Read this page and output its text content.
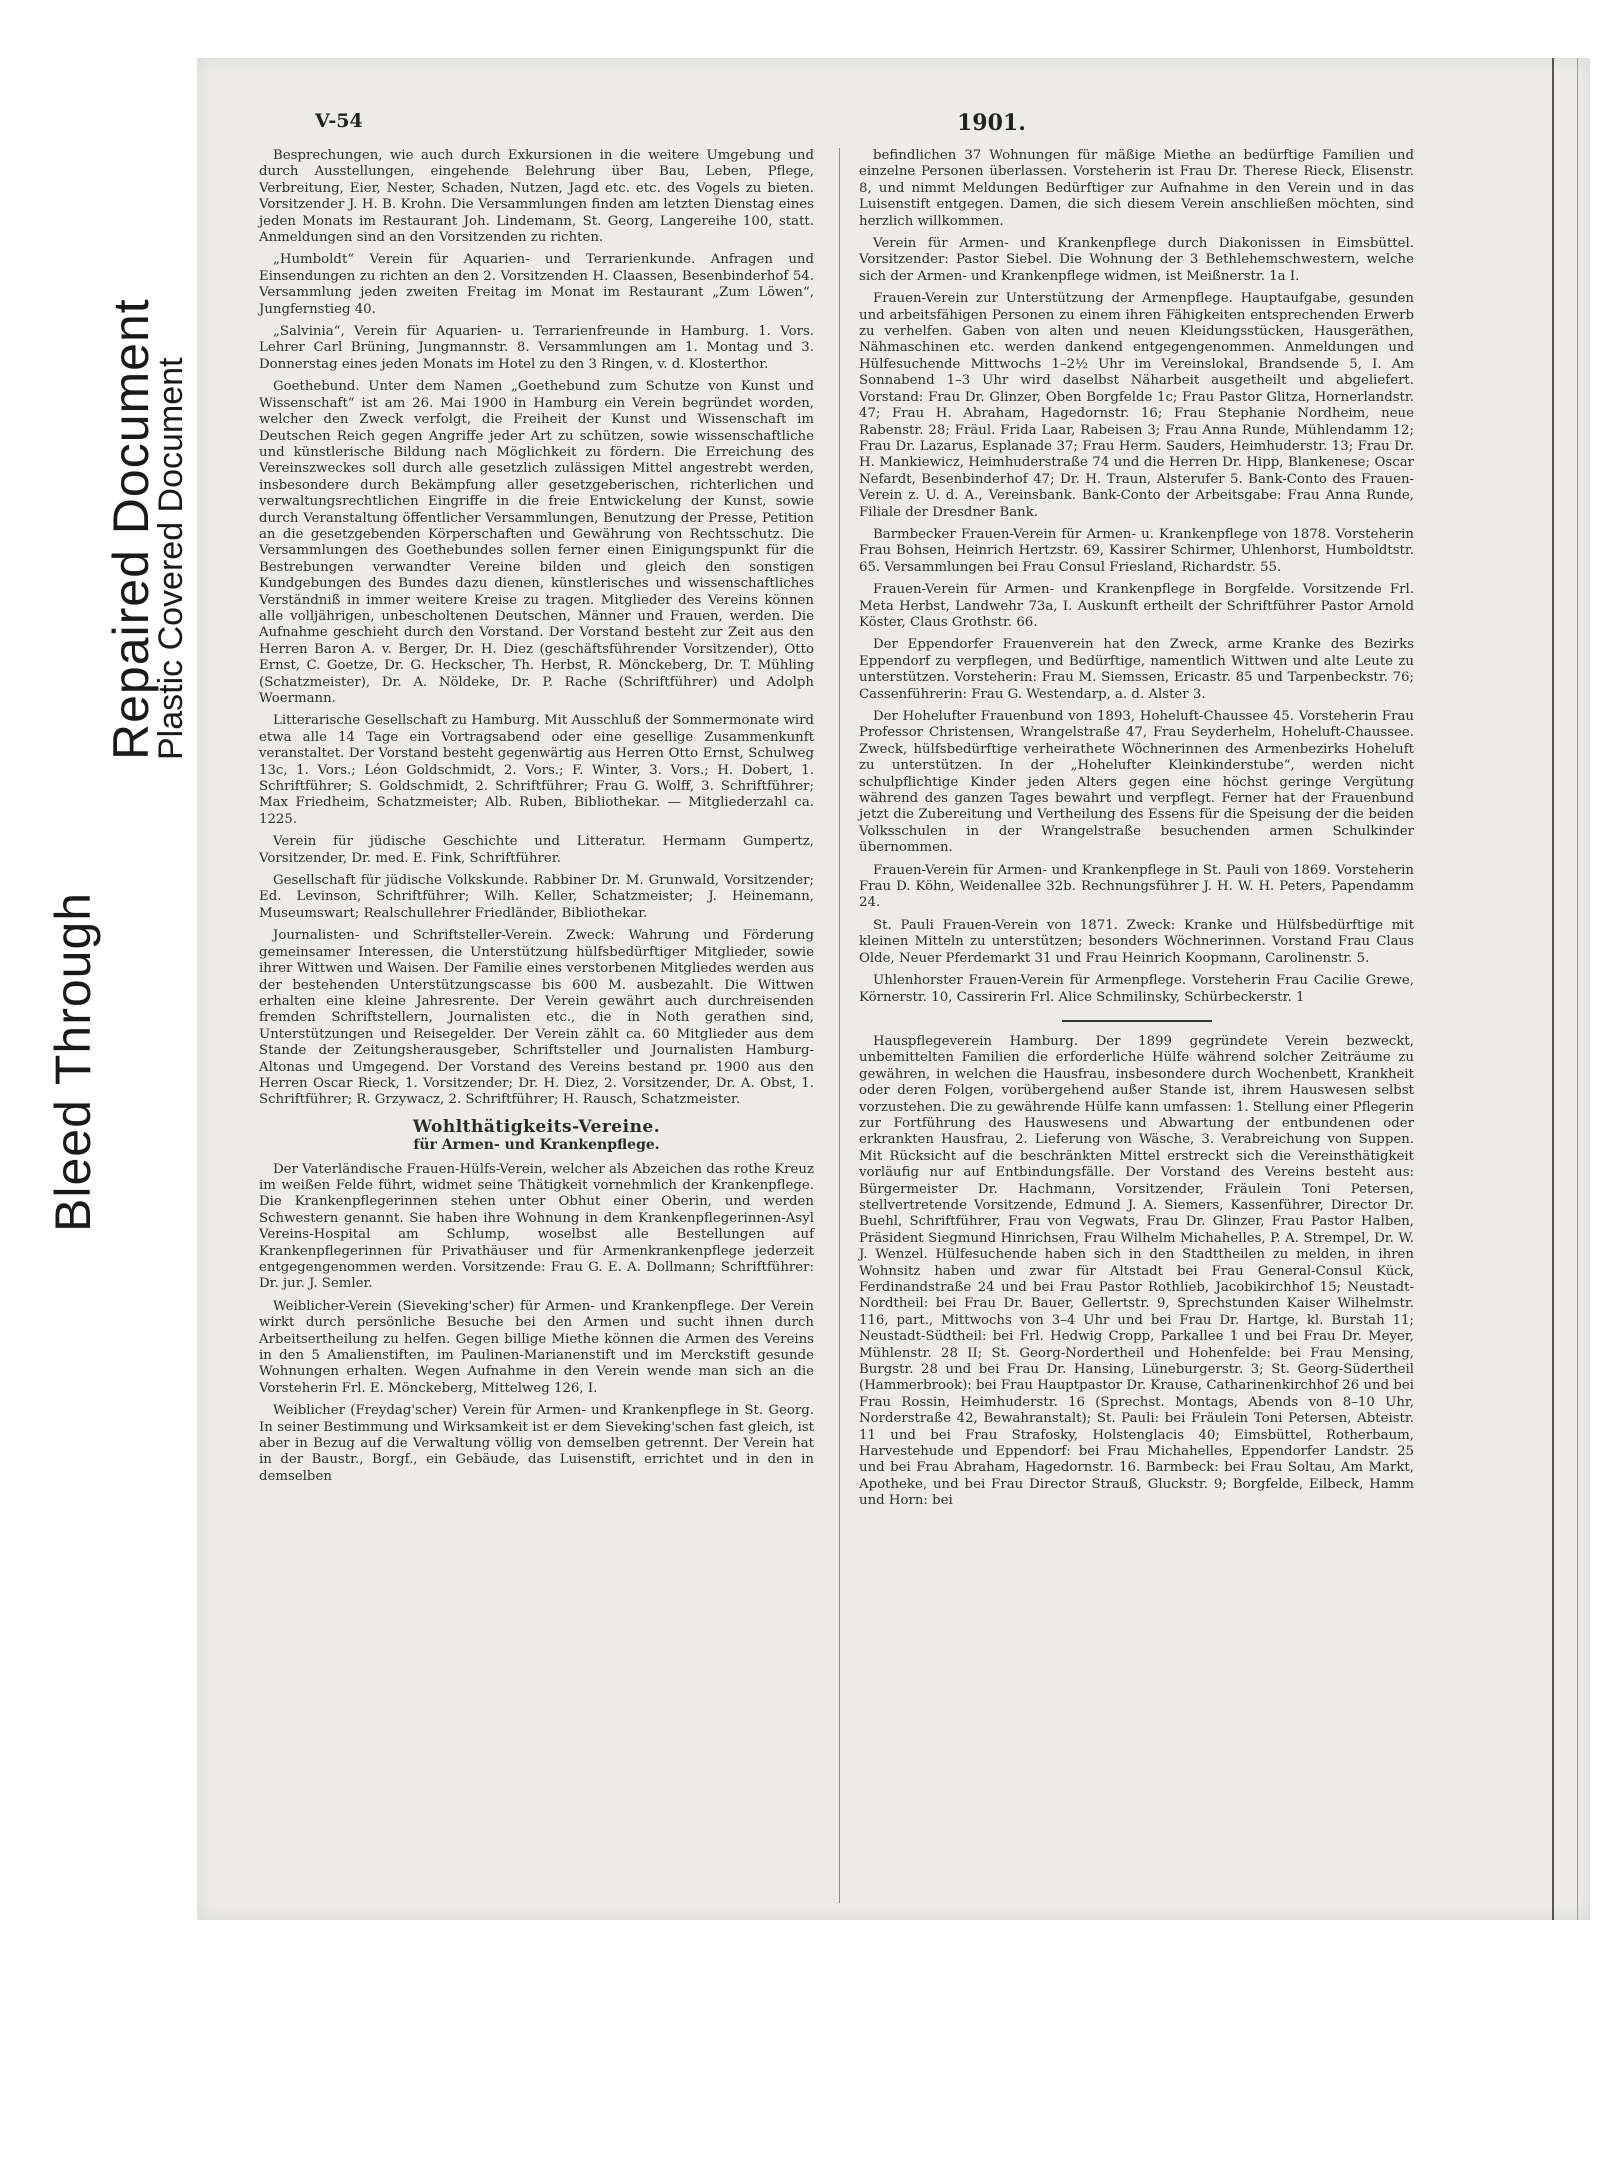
Bleed Through
Repaired Document
Plastic Covered Document
V-54	1901.

Besprechungen, wie auch durch Exkursionen in die weitere Umgebung und durch Ausstellungen, eingehende Belehrung über Bau, Leben, Pflege, Verbreitung, Eier, Nester, Schaden, Nutzen, Jagd etc. etc. des Vogels zu bieten. Vorsitzender J. H. B. Krohn. Die Versammlungen finden am letzten Dienstag eines jeden Monats im Restaurant Joh. Lindemann, St. Georg, Langereihe 100, statt. Anmeldungen sind an den Vorsitzenden zu richten.

„Humboldt“ Verein für Aquarien- und Terrarienkunde. Anfragen und Einsendungen zu richten an den 2. Vorsitzenden H. Claassen, Besenbinderhof 54. Versammlung jeden zweiten Freitag im Monat im Restaurant „Zum Löwen“, Jungfernstieg 40.

„Salvinia“, Verein für Aquarien- u. Terrarienfreunde in Hamburg. 1. Vors. Lehrer Carl Brüning, Jungmannstr. 8. Versammlungen am 1. Montag und 3. Donnerstag eines jeden Monats im Hotel zu den 3 Ringen, v. d. Klosterthor.

Goethebund. Unter dem Namen „Goethebund zum Schutze von Kunst und Wissenschaft“ ist am 26. Mai 1900 in Hamburg ein Verein begründet worden, welcher den Zweck verfolgt, die Freiheit der Kunst und Wissenschaft im Deutschen Reich gegen Angriffe jeder Art zu schützen, sowie wissenschaftliche und künstlerische Bildung nach Möglichkeit zu fördern. Die Erreichung des Vereinszweckes soll durch alle gesetzlich zulässigen Mittel angestrebt werden, insbesondere durch Bekämpfung aller gesetzgeberischen, richterlichen und verwaltungsrechtlichen Eingriffe in die freie Entwickelung der Kunst, sowie durch Veranstaltung öffentlicher Versammlungen, Benutzung der Presse, Petition an die gesetzgebenden Körperschaften und Gewährung von Rechtsschutz. Die Versammlungen des Goethebundes sollen ferner einen Einigungspunkt für die Bestrebungen verwandter Vereine bilden und gleich den sonstigen Kundgebungen des Bundes dazu dienen, künstlerisches und wissenschaftliches Verständniß in immer weitere Kreise zu tragen. Mitglieder des Vereins können alle volljährigen, unbescholtenen Deutschen, Männer und Frauen, werden. Die Aufnahme geschieht durch den Vorstand. Der Vorstand besteht zur Zeit aus den Herren Baron A. v. Berger, Dr. H. Diez (geschäftsführender Vorsitzender), Otto Ernst, C. Goetze, Dr. G. Heckscher, Th. Herbst, R. Mönckeberg, Dr. T. Mühling (Schatzmeister), Dr. A. Nöldeke, Dr. P. Rache (Schriftführer) und Adolph Woermann.

Litterarische Gesellschaft zu Hamburg. Mit Ausschluß der Sommermonate wird etwa alle 14 Tage ein Vortragsabend oder eine gesellige Zusammenkunft veranstaltet. Der Vorstand besteht gegenwärtig aus Herren Otto Ernst, Schulweg 13c, 1. Vors.; Léon Goldschmidt, 2. Vors.; F. Winter, 3. Vors.; H. Dobert, 1. Schriftführer; S. Goldschmidt, 2. Schriftführer; Frau G. Wolff, 3. Schriftführer; Max Friedheim, Schatzmeister; Alb. Ruben, Bibliothekar. — Mitgliederzahl ca. 1225.

Verein für jüdische Geschichte und Litteratur. Hermann Gumpertz, Vorsitzender, Dr. med. E. Fink, Schriftführer.

Gesellschaft für jüdische Volkskunde. Rabbiner Dr. M. Grunwald, Vorsitzender; Ed. Levinson, Schriftführer; Wilh. Keller, Schatzmeister; J. Heinemann, Museumswart; Realschullehrer Friedländer, Bibliothekar.

Journalisten- und Schriftsteller-Verein. Zweck: Wahrung und Förderung gemeinsamer Interessen, die Unterstützung hülfsbedürftiger Mitglieder, sowie ihrer Wittwen und Waisen. Der Familie eines verstorbenen Mitgliedes werden aus der bestehenden Unterstützungscasse bis 600 M. ausbezahlt. Die Wittwen erhalten eine kleine Jahresrente. Der Verein gewährt auch durchreisenden fremden Schriftstellern, Journalisten etc., die in Noth gerathen sind, Unterstützungen und Reisegelder. Der Verein zählt ca. 60 Mitglieder aus dem Stande der Zeitungsherausgeber, Schriftsteller und Journalisten Hamburg-Altonas und Umgegend. Der Vorstand des Vereins bestand pr. 1900 aus den Herren Oscar Rieck, 1. Vorsitzender; Dr. H. Diez, 2. Vorsitzender, Dr. A. Obst, 1. Schriftführer; R. Grzywacz, 2. Schriftführer; H. Rausch, Schatzmeister.

Wohlthätigkeits-Vereine.
für Armen- und Krankenpflege.

Der Vaterländische Frauen-Hülfs-Verein, welcher als Abzeichen das rothe Kreuz im weißen Felde führt, widmet seine Thätigkeit vornehmlich der Krankenpflege. Die Krankenpflegerinnen stehen unter Obhut einer Oberin, und werden Schwestern genannt. Sie haben ihre Wohnung in dem Krankenpflegerinnen-Asyl Vereins-Hospital am Schlump, woselbst alle Bestellungen auf Krankenpflegerinnen für Privathäuser und für Armenkrankenpflege jederzeit entgegengenommen werden. Vorsitzende: Frau G. E. A. Dollmann; Schriftführer: Dr. jur. J. Semler.

Weiblicher-Verein (Sieveking'scher) für Armen- und Krankenpflege. Der Verein wirkt durch persönliche Besuche bei den Armen und sucht ihnen durch Arbeitsertheilung zu helfen. Gegen billige Miethe können die Armen des Vereins in den 5 Amalienstiften, im Paulinen-Marianenstift und im Merckstift gesunde Wohnungen erhalten. Wegen Aufnahme in den Verein wende man sich an die Vorsteherin Frl. E. Mönckeberg, Mittelweg 126, I.

Weiblicher (Freydag'scher) Verein für Armen- und Krankenpflege in St. Georg. In seiner Bestimmung und Wirksamkeit ist er dem Sieveking'schen fast gleich, ist aber in Bezug auf die Verwaltung völlig von demselben getrennt. Der Verein hat in der Baustr., Borgf., ein Gebäude, das Luisenstift, errichtet und in den in demselben

befindlichen 37 Wohnungen für mäßige Miethe an bedürftige Familien und einzelne Personen überlassen. Vorsteherin ist Frau Dr. Therese Rieck, Elisenstr. 8, und nimmt Meldungen Bedürftiger zur Aufnahme in den Verein und in das Luisenstift entgegen. Damen, die sich diesem Verein anschließen möchten, sind herzlich willkommen.

Verein für Armen- und Krankenpflege durch Diakonissen in Eimsbüttel. Vorsitzender: Pastor Siebel. Die Wohnung der 3 Bethlehemschwestern, welche sich der Armen- und Krankenpflege widmen, ist Meißnerstr. 1a I.

Frauen-Verein zur Unterstützung der Armenpflege. Hauptaufgabe, gesunden und arbeitsfähigen Personen zu einem ihren Fähigkeiten entsprechenden Erwerb zu verhelfen. Gaben von alten und neuen Kleidungsstücken, Hausgeräthen, Nähmaschinen etc. werden dankend entgegengenommen. Anmeldungen und Hülfesuchende Mittwochs 1–2½ Uhr im Vereinslokal, Brandsende 5, I. Am Sonnabend 1–3 Uhr wird daselbst Näharbeit ausgetheilt und abgeliefert. Vorstand: Frau Dr. Glinzer, Oben Borgfelde 1c; Frau Pastor Glitza, Hornerlandstr. 47; Frau H. Abraham, Hagedornstr. 16; Frau Stephanie Nordheim, neue Rabenstr. 28; Fräul. Frida Laar, Rabeisen 3; Frau Anna Runde, Mühlendamm 12; Frau Dr. Lazarus, Esplanade 37; Frau Herm. Sauders, Heimhuderstr. 13; Frau Dr. H. Mankiewicz, Heimhuderstraße 74 und die Herren Dr. Hipp, Blankenese; Oscar Nefardt, Besenbinderhof 47; Dr. H. Traun, Alsterufer 5. Bank-Conto des Frauen-Verein z. U. d. A., Vereinsbank. Bank-Conto der Arbeitsgabe: Frau Anna Runde, Filiale der Dresdner Bank.

Barmbecker Frauen-Verein für Armen- u. Krankenpflege von 1878. Vorsteherin Frau Bohsen, Heinrich Hertzstr. 69, Kassirer Schirmer, Uhlenhorst, Humboldtstr. 65. Versammlungen bei Frau Consul Friesland, Richardstr. 55.

Frauen-Verein für Armen- und Krankenpflege in Borgfelde. Vorsitzende Frl. Meta Herbst, Landwehr 73a, I. Auskunft ertheilt der Schriftführer Pastor Arnold Köster, Claus Grothstr. 66.

Der Eppendorfer Frauenverein hat den Zweck, arme Kranke des Bezirks Eppendorf zu verpflegen, und Bedürftige, namentlich Wittwen und alte Leute zu unterstützen. Vorsteherin: Frau M. Siemssen, Ericastr. 85 und Tarpenbeckstr. 76; Cassenführerin: Frau G. Westendarp, a. d. Alster 3.

Der Hohelufter Frauenbund von 1893, Hoheluft-Chaussee 45. Vorsteherin Frau Professor Christensen, Wrangelstraße 47, Frau Seyderhelm, Hoheluft-Chaussee. Zweck, hülfsbedürftige verheirathete Wöchnerinnen des Armenbezirks Hoheluft zu unterstützen. In der „Hohelufter Kleinkinderstube“, werden nicht schulpflichtige Kinder jeden Alters gegen eine höchst geringe Vergütung während des ganzen Tages bewahrt und verpflegt. Ferner hat der Frauenbund jetzt die Zubereitung und Vertheilung des Essens für die Speisung der die beiden Volksschulen in der Wrangelstraße besuchenden armen Schulkinder übernommen.

Frauen-Verein für Armen- und Krankenpflege in St. Pauli von 1869. Vorsteherin Frau D. Köhn, Weidenallee 32b. Rechnungsführer J. H. W. H. Peters, Papendamm 24.

St. Pauli Frauen-Verein von 1871. Zweck: Kranke und Hülfsbedürftige mit kleinen Mitteln zu unterstützen; besonders Wöchnerinnen. Vorstand Frau Claus Olde, Neuer Pferdemarkt 31 und Frau Heinrich Koopmann, Carolinenstr. 5.

Uhlenhorster Frauen-Verein für Armenpflege. Vorsteherin Frau Cacilie Grewe, Körnerstr. 10, Cassirerin Frl. Alice Schmilinsky, Schürbeckerstr. 1

Hauspflegeverein Hamburg. Der 1899 gegründete Verein bezweckt, unbemittelten Familien die erforderliche Hülfe während solcher Zeiträume zu gewähren, in welchen die Hausfrau, insbesondere durch Wochenbett, Krankheit oder deren Folgen, vorübergehend außer Stande ist, ihrem Hauswesen selbst vorzustehen. Die zu gewährende Hülfe kann umfassen: 1. Stellung einer Pflegerin zur Fortführung des Hauswesens und Abwartung der entbundenen oder erkrankten Hausfrau, 2. Lieferung von Wäsche, 3. Verabreichung von Suppen. Mit Rücksicht auf die beschränkten Mittel erstreckt sich die Vereinsthätigkeit vorläufig nur auf Entbindungsfälle. Der Vorstand des Vereins besteht aus: Bürgermeister Dr. Hachmann, Vorsitzender, Fräulein Toni Petersen, stellvertretende Vorsitzende, Edmund J. A. Siemers, Kassenführer, Director Dr. Buehl, Schriftführer, Frau von Vegwats, Frau Dr. Glinzer, Frau Pastor Halben, Präsident Siegmund Hinrichsen, Frau Wilhelm Michahelles, P. A. Strempel, Dr. W. J. Wenzel. Hülfesuchende haben sich in den Stadttheilen zu melden, in ihren Wohnsitz haben und zwar für Altstadt bei Frau General-Consul Kück, Ferdinandstraße 24 und bei Frau Pastor Rothlieb, Jacobikirchhof 15; Neustadt-Nordtheil: bei Frau Dr. Bauer, Gellertstr. 9, Sprechstunden Kaiser Wilhelmstr. 116, part., Mittwochs von 3–4 Uhr und bei Frau Dr. Hartge, kl. Burstah 11; Neustadt-Südtheil: bei Frl. Hedwig Cropp, Parkallee 1 und bei Frau Dr. Meyer, Mühlenstr. 28 II; St. Georg-Nordertheil und Hohenfelde: bei Frau Mensing, Burgstr. 28 und bei Frau Dr. Hansing, Lüneburgerstr. 3; St. Georg-Südertheil (Hammerbrook): bei Frau Hauptpastor Dr. Krause, Catharinenkirchhof 26 und bei Frau Rossin, Heimhuderstr. 16 (Sprechst. Montags, Abends von 8–10 Uhr, Norderstraße 42, Bewahranstalt); St. Pauli: bei Fräulein Toni Petersen, Abteistr. 11 und bei Frau Strafosky, Holstenglacis 40; Eimsbüttel, Rotherbaum, Harvestehude und Eppendorf: bei Frau Michahelles, Eppendorfer Landstr. 25 und bei Frau Abraham, Hagedornstr. 16. Barmbeck: bei Frau Soltau, Am Markt, Apotheke, und bei Frau Director Strauß, Gluckstr. 9; Borgfelde, Eilbeck, Hamm und Horn: bei
